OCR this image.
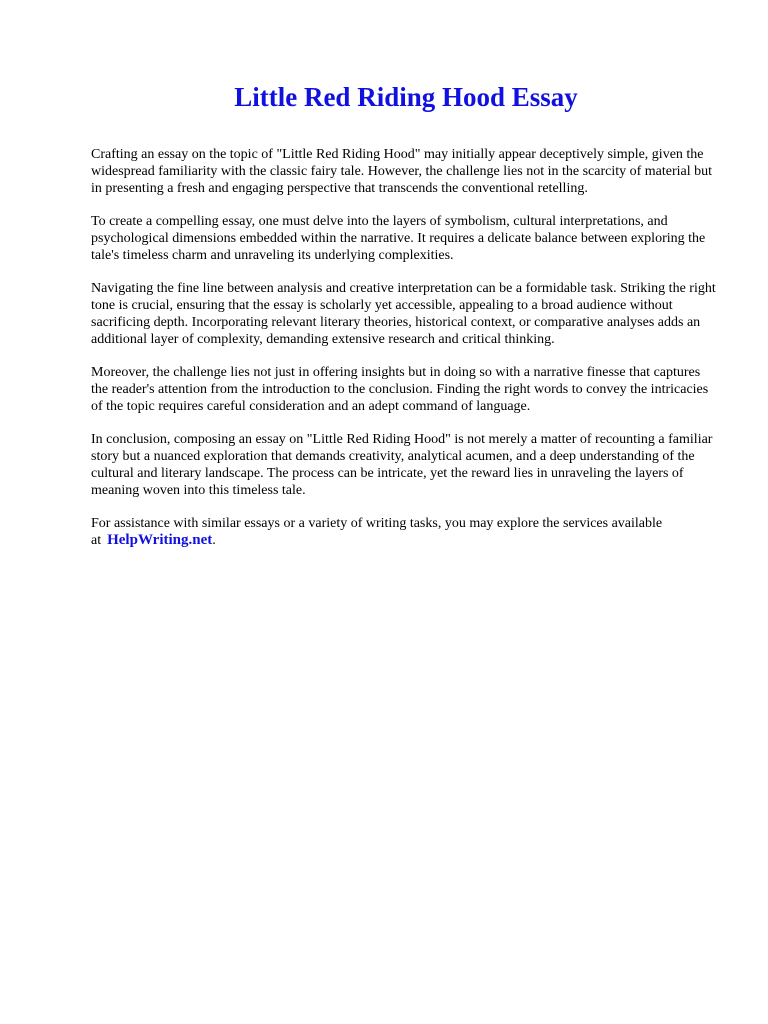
Little Red Riding Hood Essay

Crafting an essay on the topic of "Little Red Riding Hood" may initially appear deceptively simple, given the widespread familiarity with the classic fairy tale. However, the challenge lies not in the scarcity of material but in presenting a fresh and engaging perspective that transcends the conventional retelling.

To create a compelling essay, one must delve into the layers of symbolism, cultural interpretations, and psychological dimensions embedded within the narrative. It requires a delicate balance between exploring the tale's timeless charm and unraveling its underlying complexities.

Navigating the fine line between analysis and creative interpretation can be a formidable task. Striking the right tone is crucial, ensuring that the essay is scholarly yet accessible, appealing to a broad audience without sacrificing depth. Incorporating relevant literary theories, historical context, or comparative analyses adds an additional layer of complexity, demanding extensive research and critical thinking.

Moreover, the challenge lies not just in offering insights but in doing so with a narrative finesse that captures the reader's attention from the introduction to the conclusion. Finding the right words to convey the intricacies of the topic requires careful consideration and an adept command of language.

In conclusion, composing an essay on "Little Red Riding Hood" is not merely a matter of recounting a familiar story but a nuanced exploration that demands creativity, analytical acumen, and a deep understanding of the cultural and literary landscape. The process can be intricate, yet the reward lies in unraveling the layers of meaning woven into this timeless tale.

For assistance with similar essays or a variety of writing tasks, you may explore the services available at HelpWriting.net.
